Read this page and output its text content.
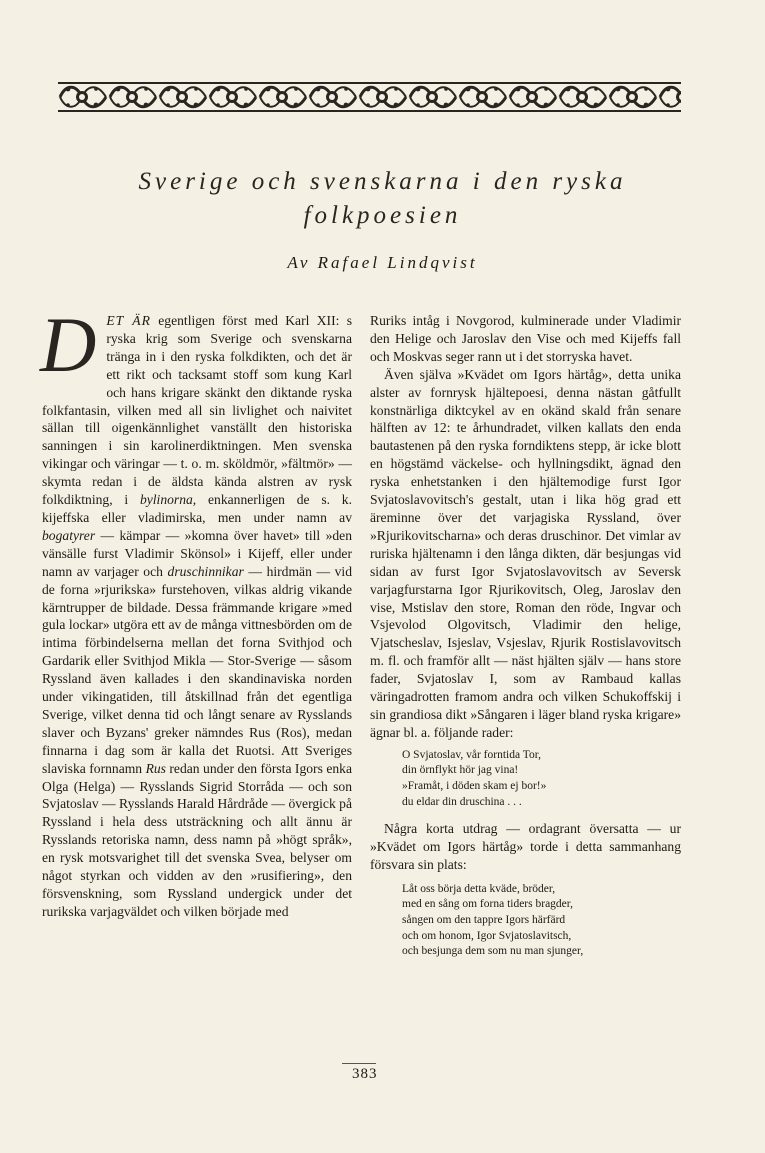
Sverige och svenskarna i den ryska
folkpoesien
Av Rafael Lindqvist

D ET ÄR egentligen först med Karl XII: s ryska krig som Sverige och svenskarna tränga in i den ryska folkdikten, och det är ett rikt och tacksamt stoff som kung Karl och hans krigare skänkt den diktande ryska folkfantasin, vilken med all sin livlighet och naivitet sällan till oigenkännlighet vanställt den historiska sanningen i sin karolinerdiktningen. Men svenska vikingar och väringar — t. o. m. sköldmör, »fältmör» — skymta redan i de äldsta kända alstren av rysk folkdiktning, i bylinorna, enkannerligen de s. k. kijeffska eller vladimirska, men under namn av bogatyrer — kämpar — »komna över havet» till »den vänsälle furst Vladimir Skönsol» i Kijeff, eller under namn av varjager och druschinnikar — hirdmän — vid de forna »rjurikska» furstehoven, vilkas aldrig vikande kärntrupper de bildade. Dessa främmande krigare »med gula lockar» utgöra ett av de många vittnesbörden om de intima förbindelserna mellan det forna Svithjod och Gardarik eller Svithjod Mikla — Stor-Sverige — såsom Ryssland även kallades i den skandinaviska norden under vikingatiden, till åtskillnad från det egentliga Sverige, vilket denna tid och långt senare av Rysslands slaver och Byzans' greker nämndes Rus (Ros), medan finnarna i dag som är kalla det Ruotsi. Att Sveriges slaviska fornnamn Rus redan under den första Igors enka Olga (Helga) — Rysslands Sigrid Storråda — och son Svjatoslav — Rysslands Harald Hårdråde — övergick på Ryssland i hela dess utsträckning och allt ännu är Rysslands retoriska namn, dess namn på »högt språk», en rysk motsvarighet till det svenska Svea, belyser om något styrkan och vidden av den »rusifiering», den försvenskning, som Ryssland undergick under det rurikska varjagväldet och vilken började med

Ruriks intåg i Novgorod, kulminerade under Vladimir den Helige och Jaroslav den Vise och med Kijeffs fall och Moskvas seger rann ut i det storryska havet.

Även själva »Kvädet om Igors härtåg», detta unika alster av fornrysk hjältepoesi, denna nästan gåtfullt konstnärliga diktcykel av en okänd skald från senare hälften av 12: te århundradet, vilken kallats den enda bautastenen på den ryska forndiktens stepp, är icke blott en högstämd väckelse- och hyllningsdikt, ägnad den ryska enhetstanken i den hjältemodige furst Igor Svjatoslavovitsch's gestalt, utan i lika hög grad ett äreminne över det varjagiska Ryssland, över »Rjurikovitscharna» och deras druschinor. Det vimlar av ruriska hjältenamn i den långa dikten, där besjungas vid sidan av furst Igor Svjatoslavovitsch av Seversk varjagfurstarna Igor Rjurikovitsch, Oleg, Jaroslav den vise, Mstislav den store, Roman den röde, Ingvar och Vsjevolod Olgovitsch, Vladimir den helige, Vjatscheslav, Isjeslav, Vsjeslav, Rjurik Rostislavovitsch m. fl. och framför allt — näst hjälten själv — hans store fader, Svjatoslav I, som av Rambaud kallas väringadrotten framom andra och vilken Schukoffskij i sin grandiosa dikt »Sångaren i läger bland ryska krigare» ägnar bl. a. följande rader:

O Svjatoslav, vår forntida Tor,
din örnflykt hör jag vina!
»Framåt, i döden skam ej bor!»
du eldar din druschina . . .

Några korta utdrag — ordagrant översatta — ur »Kvädet om Igors härtåg» torde i detta sammanhang försvara sin plats:

Låt oss börja detta kväde, bröder,
med en sång om forna tiders bragder,
sången om den tappre Igors härfärd
och om honom, Igor Svjatoslavitsch,
och besjunga dem som nu man sjunger,
383
